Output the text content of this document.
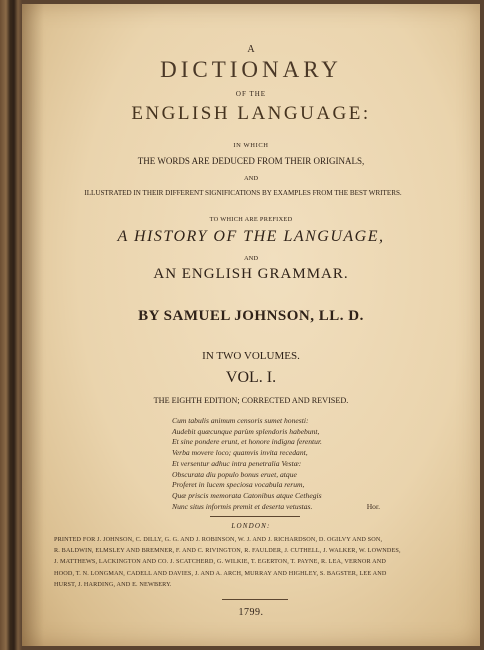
A
DICTIONARY
OF THE
ENGLISH LANGUAGE:
IN WHICH
THE WORDS ARE DEDUCED FROM THEIR ORIGINALS,
AND
ILLUSTRATED IN THEIR DIFFERENT SIGNIFICATIONS BY EXAMPLES FROM THE BEST WRITERS.
TO WHICH ARE PREFIXED
A HISTORY OF THE LANGUAGE,
AND
AN ENGLISH GRAMMAR.
BY SAMUEL JOHNSON, LL. D.
IN TWO VOLUMES.
VOL. I.
THE EIGHTH EDITION; CORRECTED AND REVISED.
Cum tabulis animum censoris sumet honesti:
Audebit quæcunque parùm splendoris habebunt,
Et sine pondere erunt, et honore indigna ferentur.
Verba movere loco; quamvis invita recedant,
Et versentur adhuc intra penetralia Vestæ:
Obscurata diu populo bonus eruet, atque
Proferet in lucem speciosa vocabula rerum,
Quæ priscis memorata Catonibus atque Cethegis
Nunc situs informis premit et deserta vetustas.	Hor.
LONDON:
PRINTED FOR J. JOHNSON, C. DILLY, G. G. AND J. ROBINSON, W. J. AND J. RICHARDSON, D. OGILVY AND SON,
R. BALDWIN, ELMSLEY AND BREMNER, F. AND C. RIVINGTON, R. FAULDER, J. CUTHELL, J. WALKER, W. LOWNDES,
J. MATTHEWS, LACKINGTON AND CO. J. SCATCHERD, G. WILKIE, T. EGERTON, T. PAYNE, R. LEA, VERNOR AND
HOOD, T. N. LONGMAN, CADELL AND DAVIES, J. AND A. ARCH, MURRAY AND HIGHLEY, S. BAGSTER, LEE AND
HURST, J. HARDING, AND E. NEWBERY.
1799.
